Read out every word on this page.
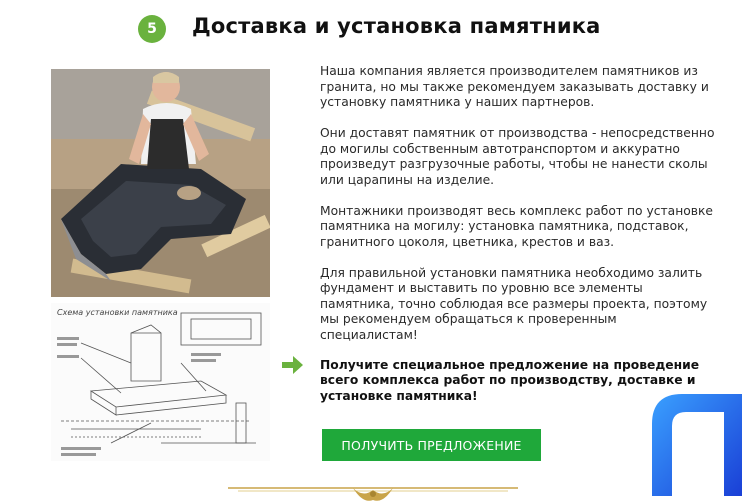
5	Доставка и установка памятника
Схема установки памятника

Наша компания является производителем памятников из гранита, но мы также рекомендуем заказывать доставку и установку памятника у наших партнеров.

Они доставят памятник от производства - непосредственно до могилы собственным автотранспортом и аккуратно произведут разгрузочные работы, чтобы не нанести сколы или царапины на изделие.

Монтажники производят весь комплекс работ по установке памятника на могилу: установка памятника, подставок, гранитного цоколя, цветника, крестов и ваз.

Для правильной установки памятника необходимо залить фундамент и выставить по уровню все элементы памятника, точно соблюдая все размеры проекта, поэтому мы рекомендуем обращаться к проверенным специалистам!

Получите специальное предложение на проведение всего комплекса работ по производству, доставке и установке памятника!

ПОЛУЧИТЬ ПРЕДЛОЖЕНИЕ
